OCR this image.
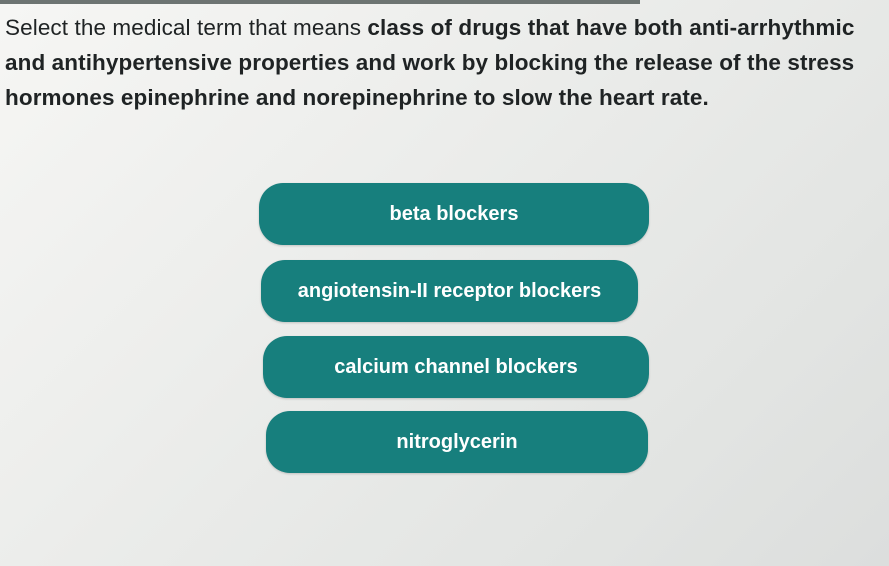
Select the medical term that means class of drugs that have both anti-arrhythmic and antihypertensive properties and work by blocking the release of the stress hormones epinephrine and norepinephrine to slow the heart rate.
beta blockers
angiotensin-II receptor blockers
calcium channel blockers
nitroglycerin
